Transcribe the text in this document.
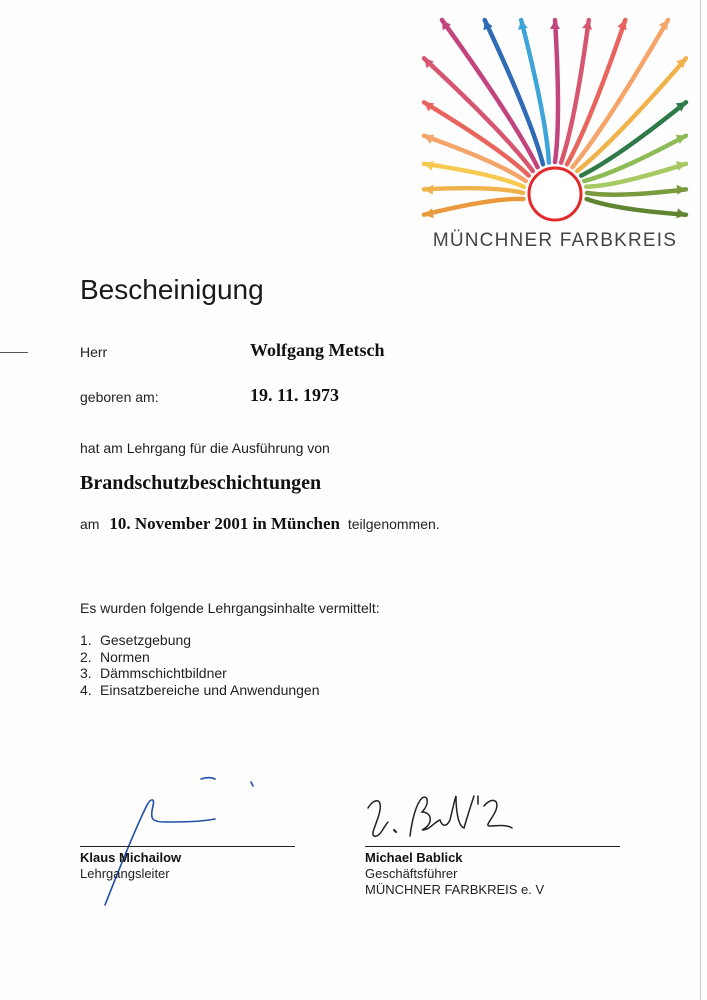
MÜNCHNER FARBKREIS
Bescheinigung
Herr	Wolfgang Metsch
geboren am:	19. 11. 1973
hat am Lehrgang für die Ausführung von
Brandschutzbeschichtungen
am 10. November 2001 in München teilgenommen.
Es wurden folgende Lehrgangsinhalte vermittelt:
1. Gesetzgebung
2. Normen
3. Dämmschichtbildner
4. Einsatzbereiche und Anwendungen
Klaus Michailow
Lehrgangsleiter
Michael Bablick
Geschäftsführer
MÜNCHNER FARBKREIS e. V
